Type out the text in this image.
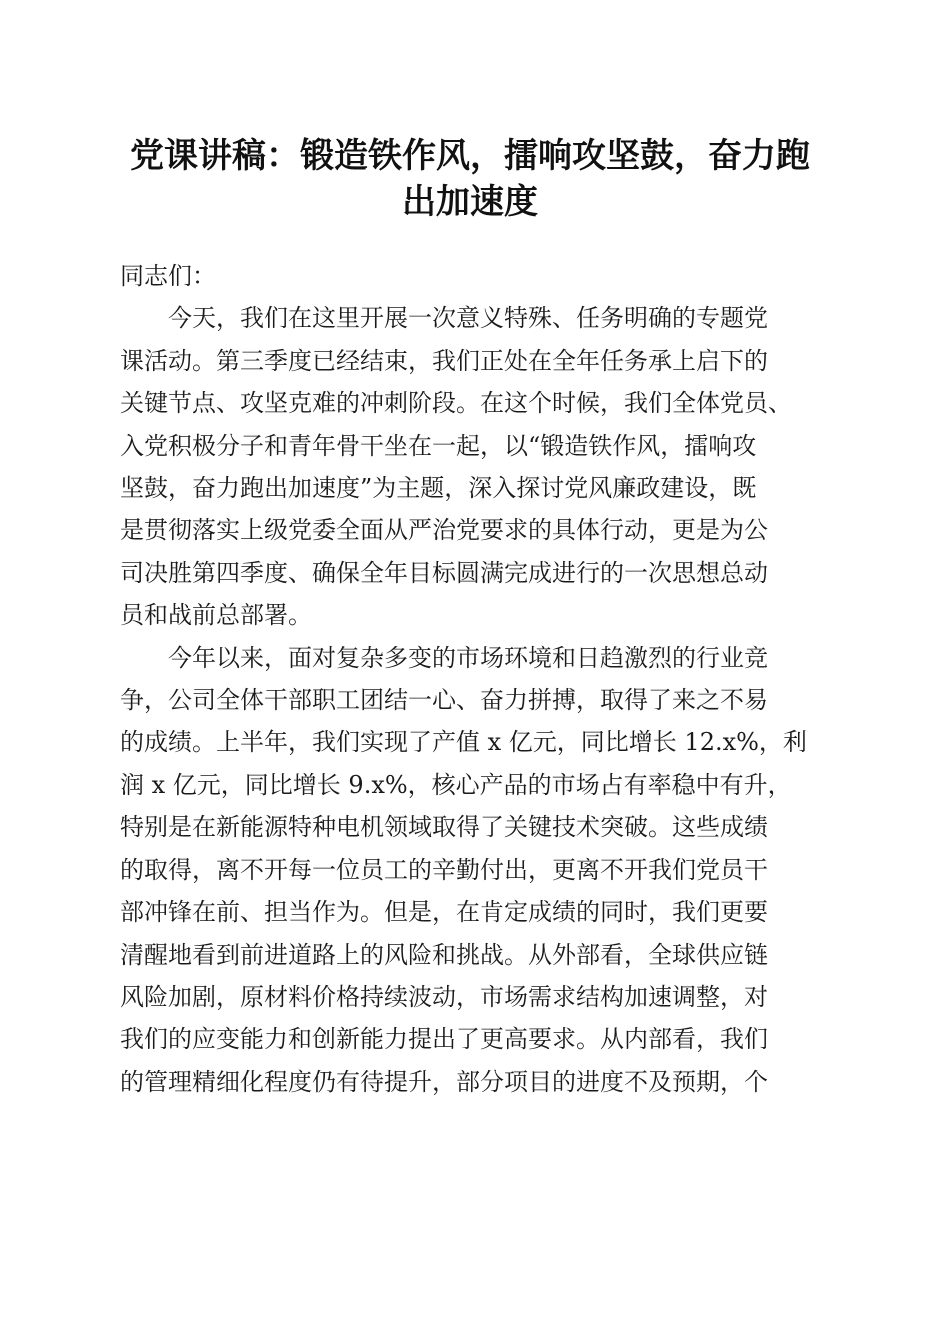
党课讲稿：锻造铁作风，擂响攻坚鼓，奋力跑
出加速度

同志们：

今天，我们在这里开展一次意义特殊、任务明确的专题党
课活动。第三季度已经结束，我们正处在全年任务承上启下的
关键节点、攻坚克难的冲刺阶段。在这个时候，我们全体党员、
入党积极分子和青年骨干坐在一起，以“锻造铁作风，擂响攻
坚鼓，奋力跑出加速度”为主题，深入探讨党风廉政建设，既
是贯彻落实上级党委全面从严治党要求的具体行动，更是为公
司决胜第四季度、确保全年目标圆满完成进行的一次思想总动
员和战前总部署。

今年以来，面对复杂多变的市场环境和日趋激烈的行业竞
争，公司全体干部职工团结一心、奋力拼搏，取得了来之不易
的成绩。上半年，我们实现了产值 x 亿元，同比增长 12.x%，利
润 x 亿元，同比增长 9.x%，核心产品的市场占有率稳中有升，
特别是在新能源特种电机领域取得了关键技术突破。这些成绩
的取得，离不开每一位员工的辛勤付出，更离不开我们党员干
部冲锋在前、担当作为。但是，在肯定成绩的同时，我们更要
清醒地看到前进道路上的风险和挑战。从外部看，全球供应链
风险加剧，原材料价格持续波动，市场需求结构加速调整，对
我们的应变能力和创新能力提出了更高要求。从内部看，我们
的管理精细化程度仍有待提升，部分项目的进度不及预期，个
